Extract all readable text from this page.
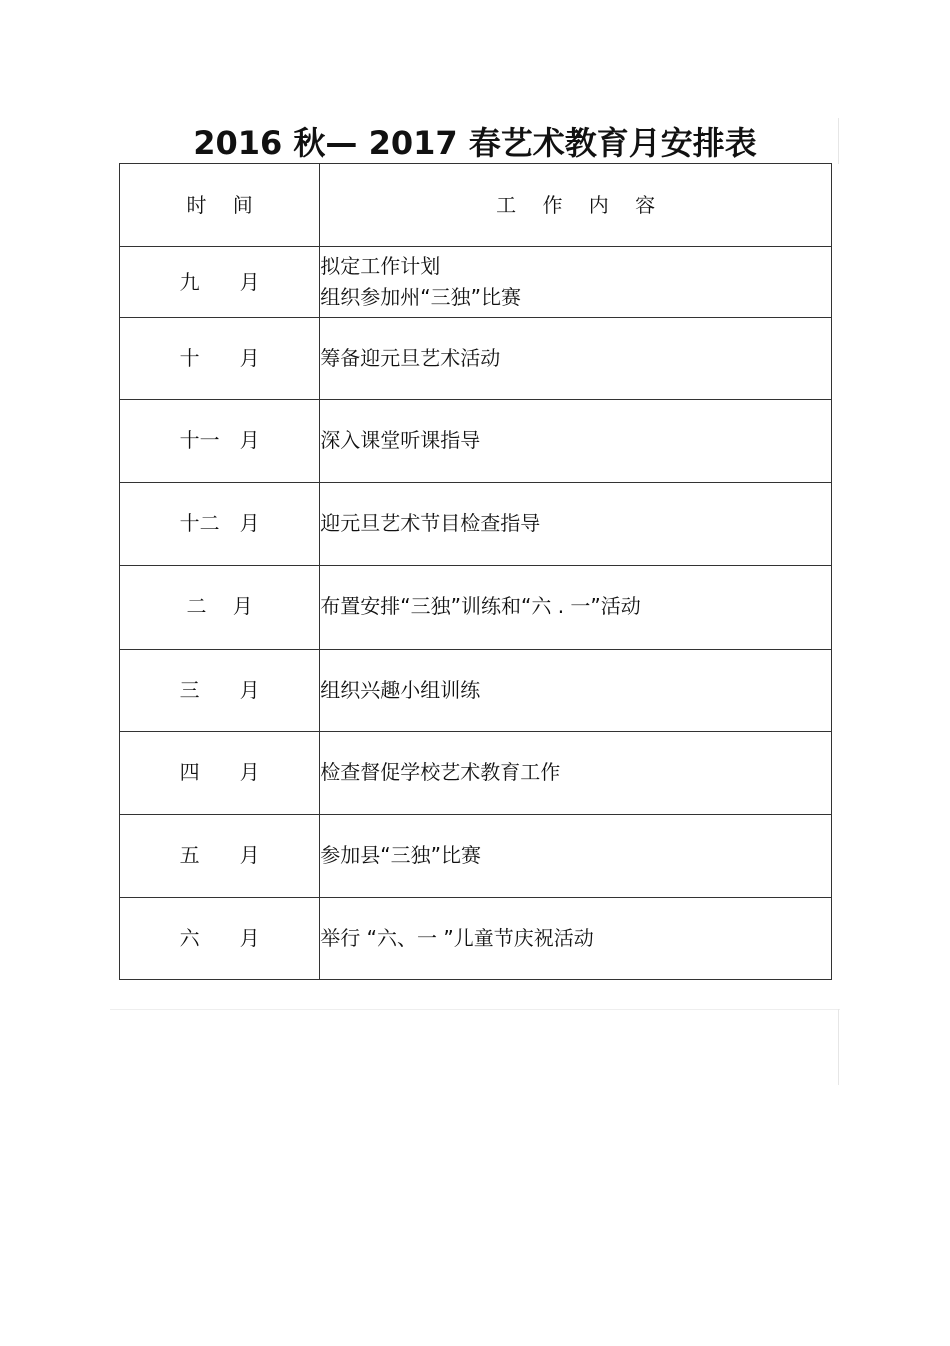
2016 秋— 2017 春艺术教育月安排表
时　 间	工　 作　 内　 容
九　　月	拟定工作计划
组织参加州“三独”比赛

十　　月	筹备迎元旦艺术活动

十一　月	深入课堂听课指导

十二　月	迎元旦艺术节目检查指导

二　 月	布置安排“三独”训练和“六 . 一”活动

三　　月	组织兴趣小组训练

四　　月	检查督促学校艺术教育工作

五　　月	参加县“三独”比赛

六　　月	举行 “六、一 ”儿童节庆祝活动
